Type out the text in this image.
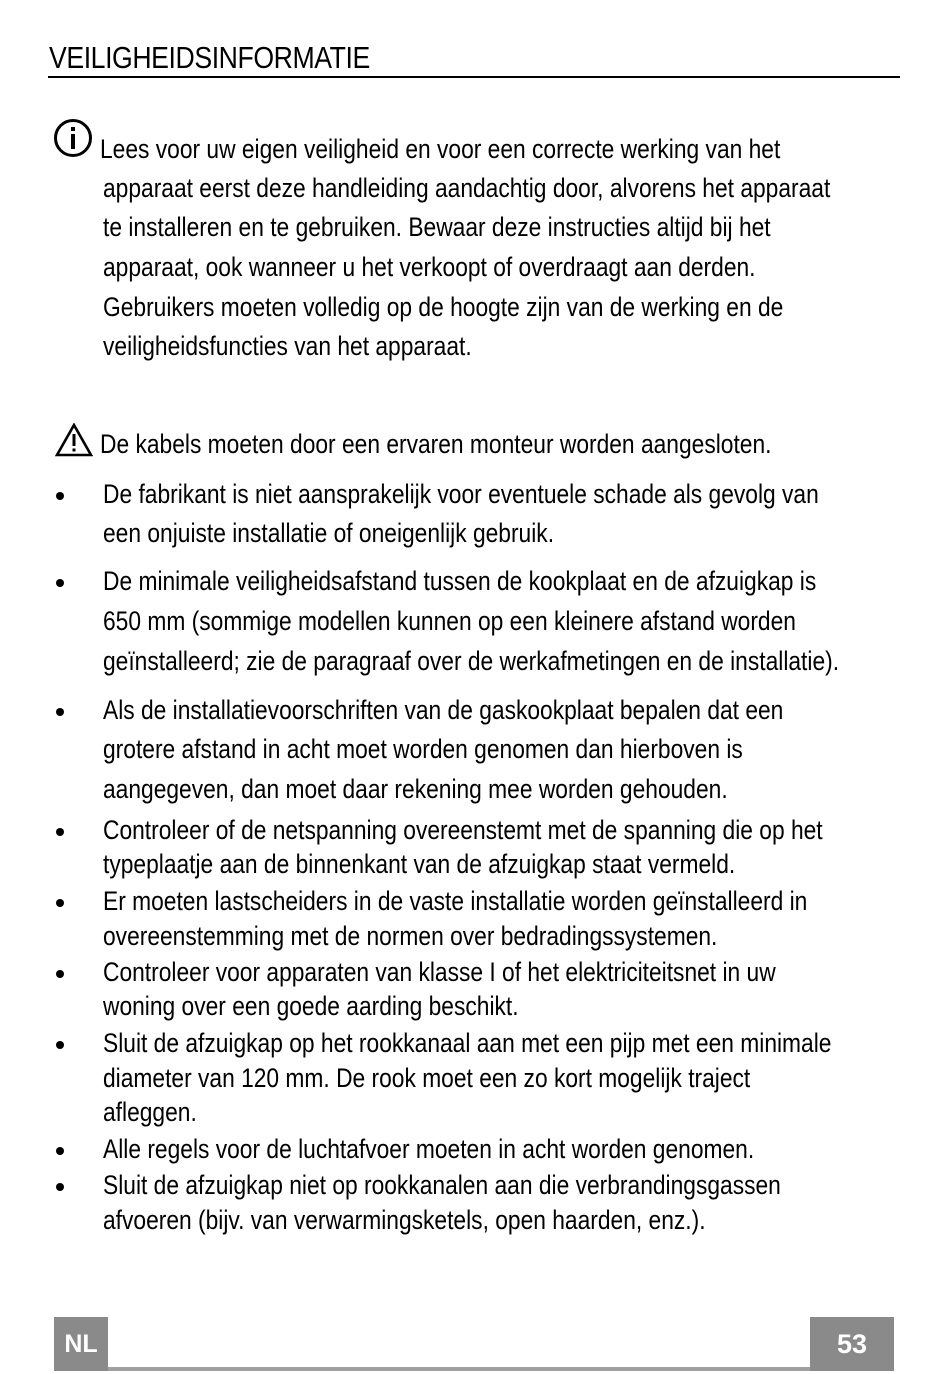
VEILIGHEIDSINFORMATIE
Lees voor uw eigen veiligheid en voor een correcte werking van het
apparaat eerst deze handleiding aandachtig door, alvorens het apparaat
te installeren en te gebruiken. Bewaar deze instructies altijd bij het
apparaat, ook wanneer u het verkoopt of overdraagt aan derden.
Gebruikers moeten volledig op de hoogte zijn van de werking en de
veiligheidsfuncties van het apparaat.
De kabels moeten door een ervaren monteur worden aangesloten.
De fabrikant is niet aansprakelijk voor eventuele schade als gevolg van
een onjuiste installatie of oneigenlijk gebruik.
De minimale veiligheidsafstand tussen de kookplaat en de afzuigkap is
650 mm (sommige modellen kunnen op een kleinere afstand worden
geïnstalleerd; zie de paragraaf over de werkafmetingen en de installatie).
Als de installatievoorschriften van de gaskookplaat bepalen dat een
grotere afstand in acht moet worden genomen dan hierboven is
aangegeven, dan moet daar rekening mee worden gehouden.
Controleer of de netspanning overeenstemt met de spanning die op het
typeplaatje aan de binnenkant van de afzuigkap staat vermeld.
Er moeten lastscheiders in de vaste installatie worden geïnstalleerd in
overeenstemming met de normen over bedradingssystemen.
Controleer voor apparaten van klasse I of het elektriciteitsnet in uw
woning over een goede aarding beschikt.
Sluit de afzuigkap op het rookkanaal aan met een pijp met een minimale
diameter van 120 mm. De rook moet een zo kort mogelijk traject
afleggen.
Alle regels voor de luchtafvoer moeten in acht worden genomen.
Sluit de afzuigkap niet op rookkanalen aan die verbrandingsgassen
afvoeren (bijv. van verwarmingsketels, open haarden, enz.).
NL	53
